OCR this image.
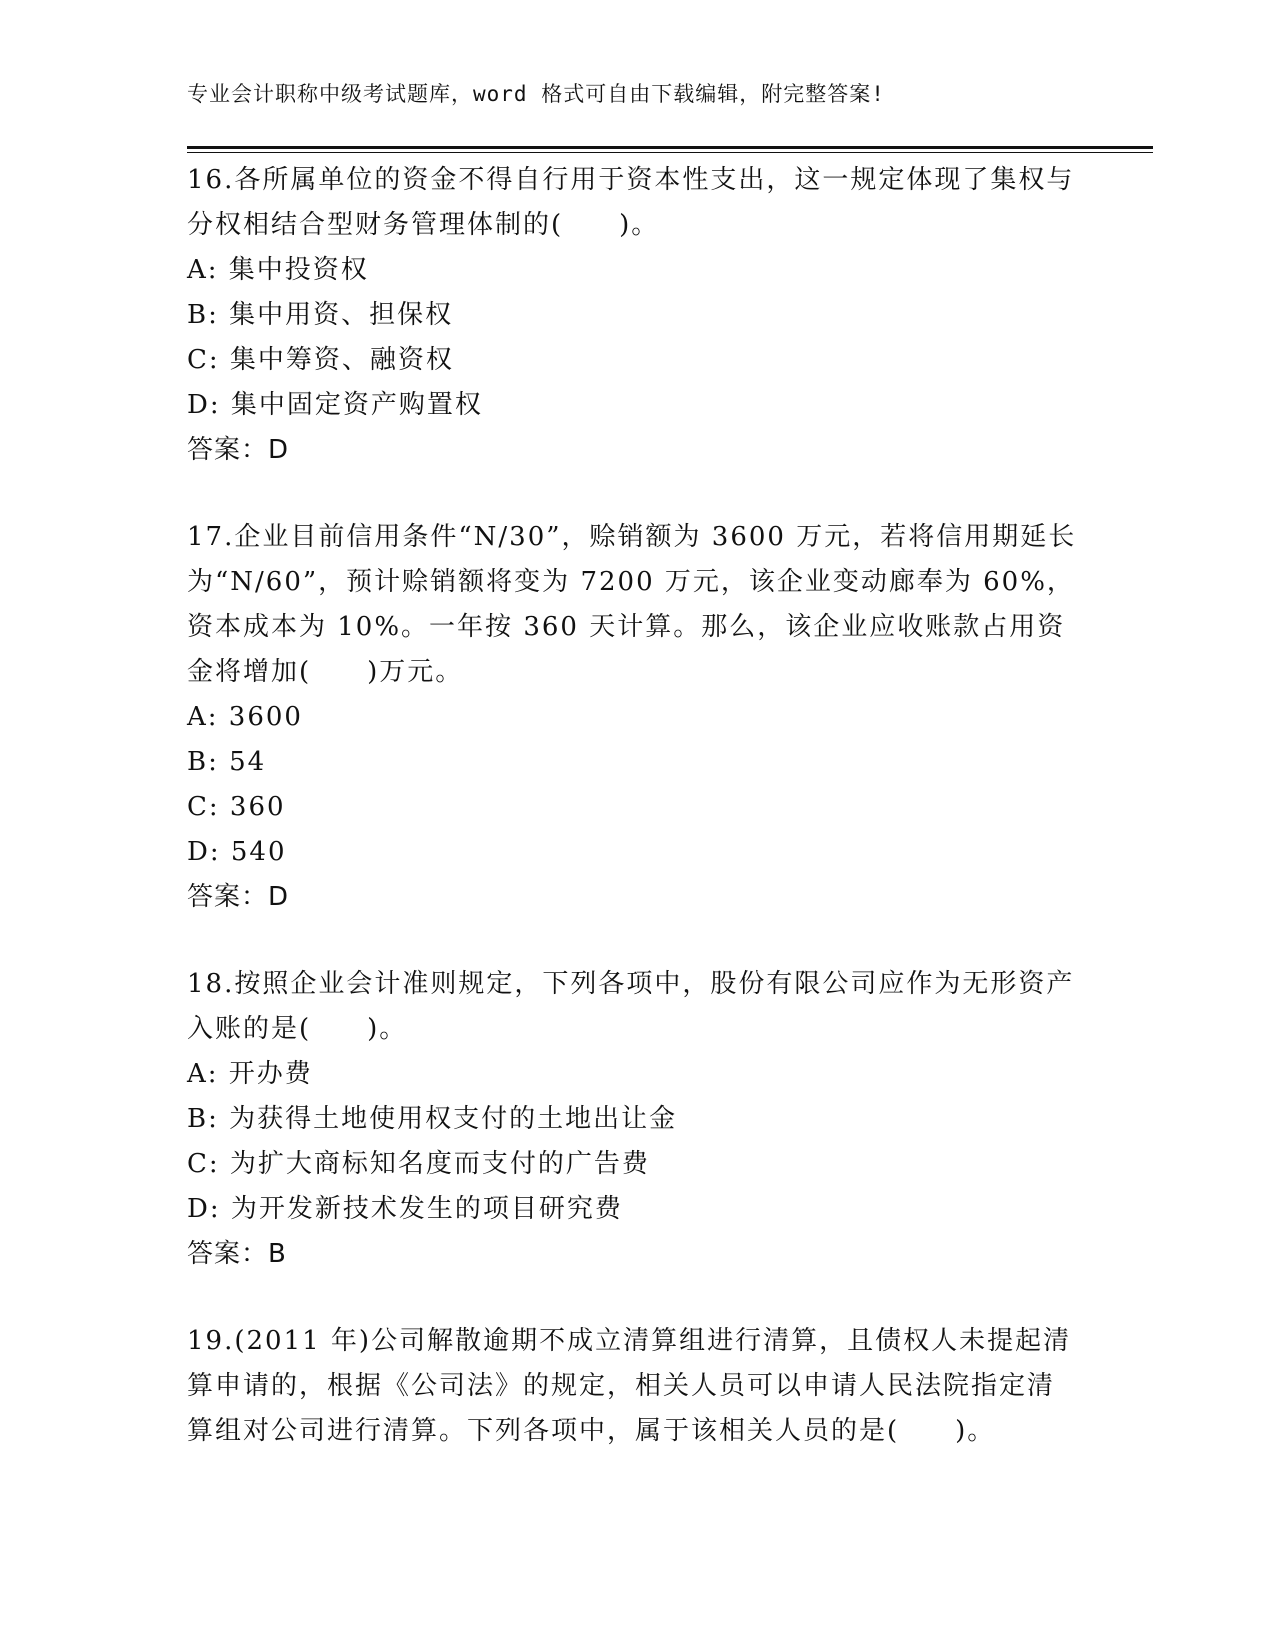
专业会计职称中级考试题库，word 格式可自由下载编辑，附完整答案!
16.各所属单位的资金不得自行用于资本性支出，这一规定体现了集权与分权相结合型财务管理体制的(　　)。
A: 集中投资权
B: 集中用资、担保权
C: 集中筹资、融资权
D: 集中固定资产购置权
答案：D
17.企业目前信用条件“N/30”，赊销额为 3600 万元，若将信用期延长为“N/60”，预计赊销额将变为 7200 万元，该企业变动廊奉为 60%，资本成本为 10%。一年按 360 天计算。那么，该企业应收账款占用资金将增加(　　)万元。
A: 3600
B: 54
C: 360
D: 540
答案：D
18.按照企业会计准则规定，下列各项中，股份有限公司应作为无形资产入账的是(　　)。
A: 开办费
B: 为获得土地使用权支付的土地出让金
C: 为扩大商标知名度而支付的广告费
D: 为开发新技术发生的项目研究费
答案：B
19.(2011 年)公司解散逾期不成立清算组进行清算，且债权人未提起清算申请的，根据《公司法》的规定，相关人员可以申请人民法院指定清算组对公司进行清算。下列各项中，属于该相关人员的是(　　)。
